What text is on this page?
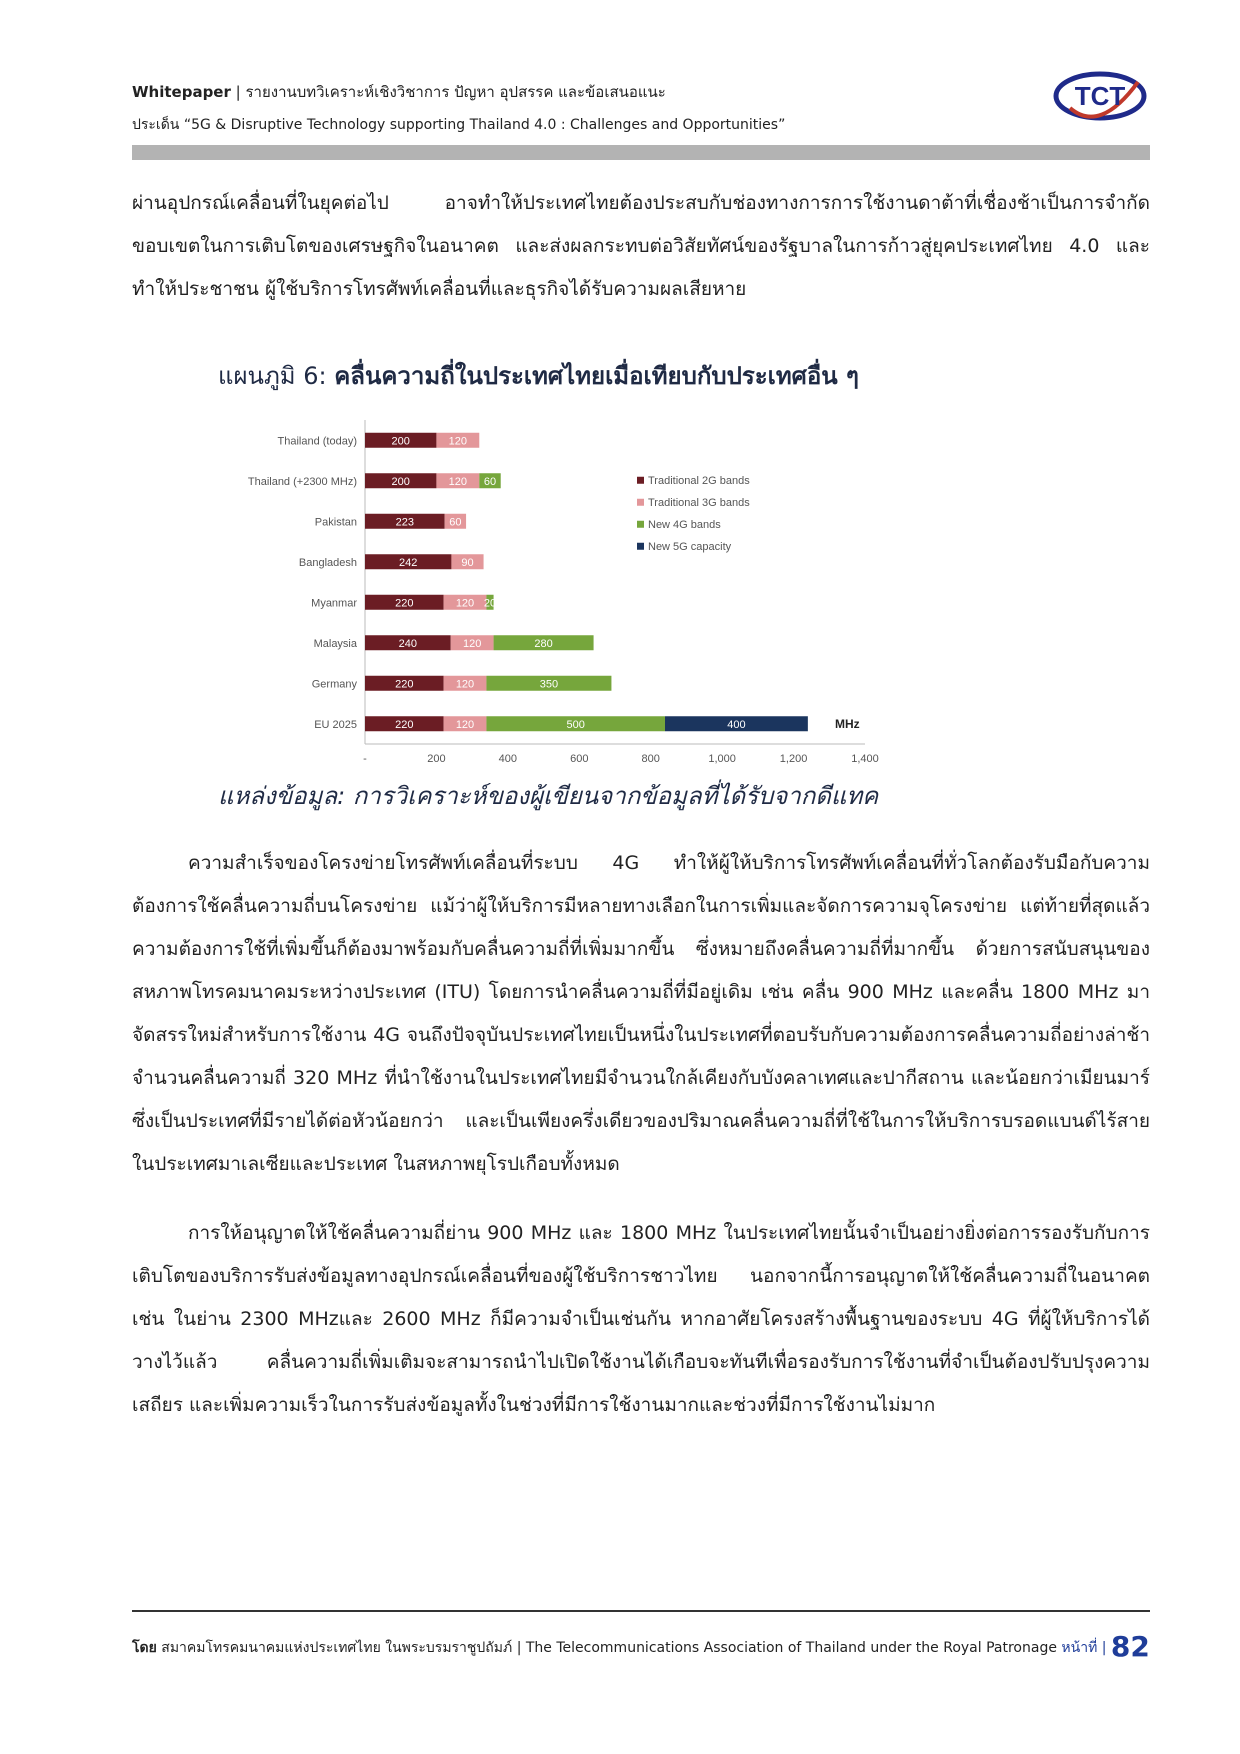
Whitepaper | รายงานบทวิเคราะห์เชิงวิชาการ ปัญหา อุปสรรค และข้อเสนอแนะ
ประเด็น “5G & Disruptive Technology supporting Thailand 4.0 : Challenges and Opportunities”
TCT
ผ่านอุปกรณ์เคลื่อนที่ในยุคต่อไป อาจทำให้ประเทศไทยต้องประสบกับช่องทางการการใช้งานดาต้าที่เชื่องช้าเป็นการจำกัดขอบเขตในการเติบโตของเศรษฐกิจในอนาคต และส่งผลกระทบต่อวิสัยทัศน์ของรัฐบาลในการก้าวสู่ยุคประเทศไทย 4.0 และทำให้ประชาชน ผู้ใช้บริการโทรศัพท์เคลื่อนที่และธุรกิจได้รับความผลเสียหาย
แผนภูมิ 6: คลื่นความถี่ในประเทศไทยเมื่อเทียบกับประเทศอื่น ๆ
Thailand (today)	200	120
Thailand (+2300 MHz)	200	120 60
Pakistan	223	60
Bangladesh	242	90
Myanmar	220	120 20
Malaysia	240	120	280
Germany	220	120	350
EU 2025	220	120	500	400
-	200	400	600	800	1,000	1,200	1,400
MHz
Traditional 2G bands
Traditional 3G bands
New 4G bands
New 5G capacity
แหล่งข้อมูล: การวิเคราะห์ของผู้เขียนจากข้อมูลที่ได้รับจากดีแทค
ความสำเร็จของโครงข่ายโทรศัพท์เคลื่อนที่ระบบ 4G ทำให้ผู้ให้บริการโทรศัพท์เคลื่อนที่ทั่วโลกต้องรับมือกับความต้องการใช้คลื่นความถี่บนโครงข่าย แม้ว่าผู้ให้บริการมีหลายทางเลือกในการเพิ่มและจัดการความจุโครงข่าย แต่ท้ายที่สุดแล้ว ความต้องการใช้ที่เพิ่มขึ้นก็ต้องมาพร้อมกับคลื่นความถี่ที่เพิ่มมากขึ้น ซึ่งหมายถึงคลื่นความถี่ที่มากขึ้น ด้วยการสนับสนุนของสหภาพโทรคมนาคมระหว่างประเทศ (ITU) โดยการนำคลื่นความถี่ที่มีอยู่เดิม เช่น คลื่น 900 MHz และคลื่น 1800 MHz มาจัดสรรใหม่สำหรับการใช้งาน 4G จนถึงปัจจุบันประเทศไทยเป็นหนึ่งในประเทศที่ตอบรับกับความต้องการคลื่นความถี่อย่างล่าช้า จำนวนคลื่นความถี่ 320 MHz ที่นำใช้งานในประเทศไทยมีจำนวนใกล้เคียงกับบังคลาเทศและปากีสถาน และน้อยกว่าเมียนมาร์ ซึ่งเป็นประเทศที่มีรายได้ต่อหัวน้อยกว่า และเป็นเพียงครึ่งเดียวของปริมาณคลื่นความถี่ที่ใช้ในการให้บริการบรอดแบนด์ไร้สายในประเทศมาเลเซียและประเทศ ในสหภาพยุโรปเกือบทั้งหมด
การให้อนุญาตให้ใช้คลื่นความถี่ย่าน 900 MHz และ 1800 MHz ในประเทศไทยนั้นจำเป็นอย่างยิ่งต่อการรองรับกับการเติบโตของบริการรับส่งข้อมูลทางอุปกรณ์เคลื่อนที่ของผู้ใช้บริการชาวไทย นอกจากนี้การอนุญาตให้ใช้คลื่นความถี่ในอนาคต เช่น ในย่าน 2300 MHzและ 2600 MHz ก็มีความจำเป็นเช่นกัน หากอาศัยโครงสร้างพื้นฐานของระบบ 4G ที่ผู้ให้บริการได้วางไว้แล้ว คลื่นความถี่เพิ่มเติมจะสามารถนำไปเปิดใช้งานได้เกือบจะทันทีเพื่อรองรับการใช้งานที่จำเป็นต้องปรับปรุงความเสถียร และเพิ่มความเร็วในการรับส่งข้อมูลทั้งในช่วงที่มีการใช้งานมากและช่วงที่มีการใช้งานไม่มาก
โดย สมาคมโทรคมนาคมแห่งประเทศไทย ในพระบรมราชูปถัมภ์ | The Telecommunications Association of Thailand under the Royal Patronage หน้าที่ | 82
